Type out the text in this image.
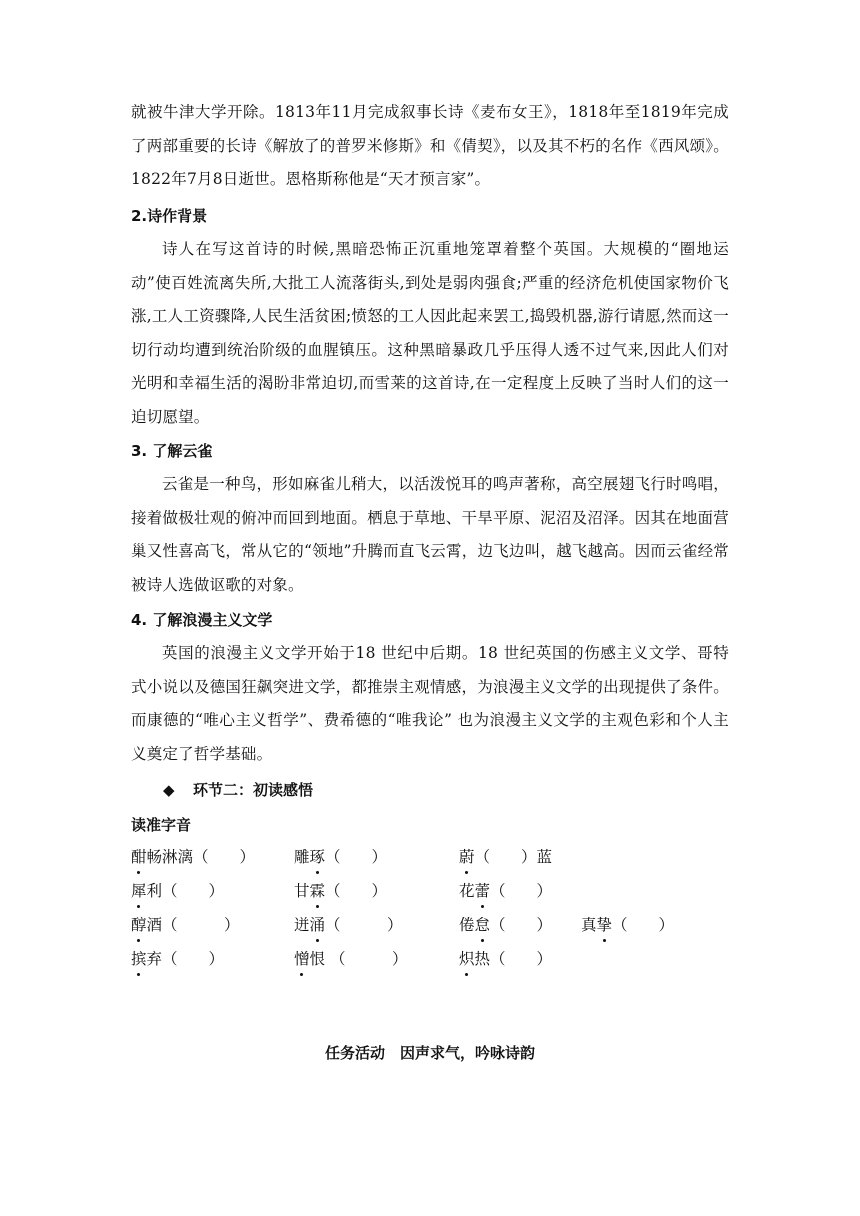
就被牛津大学开除。1813年11月完成叙事长诗《麦布女王》，1818年至1819年完成了两部重要的长诗《解放了的普罗米修斯》和《倩契》，以及其不朽的名作《西风颂》。1822年7月8日逝世。恩格斯称他是“天才预言家”。

2.诗作背景

诗人在写这首诗的时候,黑暗恐怖正沉重地笼罩着整个英国。大规模的“圈地运动”使百姓流离失所,大批工人流落街头,到处是弱肉强食;严重的经济危机使国家物价飞涨,工人工资骤降,人民生活贫困;愤怒的工人因此起来罢工,捣毁机器,游行请愿,然而这一切行动均遭到统治阶级的血腥镇压。这种黑暗暴政几乎压得人透不过气来,因此人们对光明和幸福生活的渴盼非常迫切,而雪莱的这首诗,在一定程度上反映了当时人们的这一迫切愿望。

3. 了解云雀

云雀是一种鸟，形如麻雀儿稍大，以活泼悦耳的鸣声著称，高空展翅飞行时鸣唱，接着做极壮观的俯冲而回到地面。栖息于草地、干旱平原、泥沼及沼泽。因其在地面营巢又性喜高飞，常从它的“领地”升腾而直飞云霄，边飞边叫，越飞越高。因而云雀经常被诗人选做讴歌的对象。

4. 了解浪漫主义文学

英国的浪漫主义文学开始于18 世纪中后期。18 世纪英国的伤感主义文学、哥特式小说以及德国狂飙突进文学，都推崇主观情感，为浪漫主义文学的出现提供了条件。而康德的“唯心主义哲学”、费希德的“唯我论” 也为浪漫主义文学的主观色彩和个人主义奠定了哲学基础。

◆ 环节二：初读感悟

读准字音

酣畅淋漓（　　）	雕琢（　　）	蔚（　　）蓝
犀利（　　）	甘霖（　　）	花蕾（　　）
醇酒（　　　）	迸涌（　　　）	倦怠（　　） 真挚（　　）
摈弃（　　）	憎恨 （　　　）	炽热（　　）

任务活动　因声求气，吟咏诗韵
